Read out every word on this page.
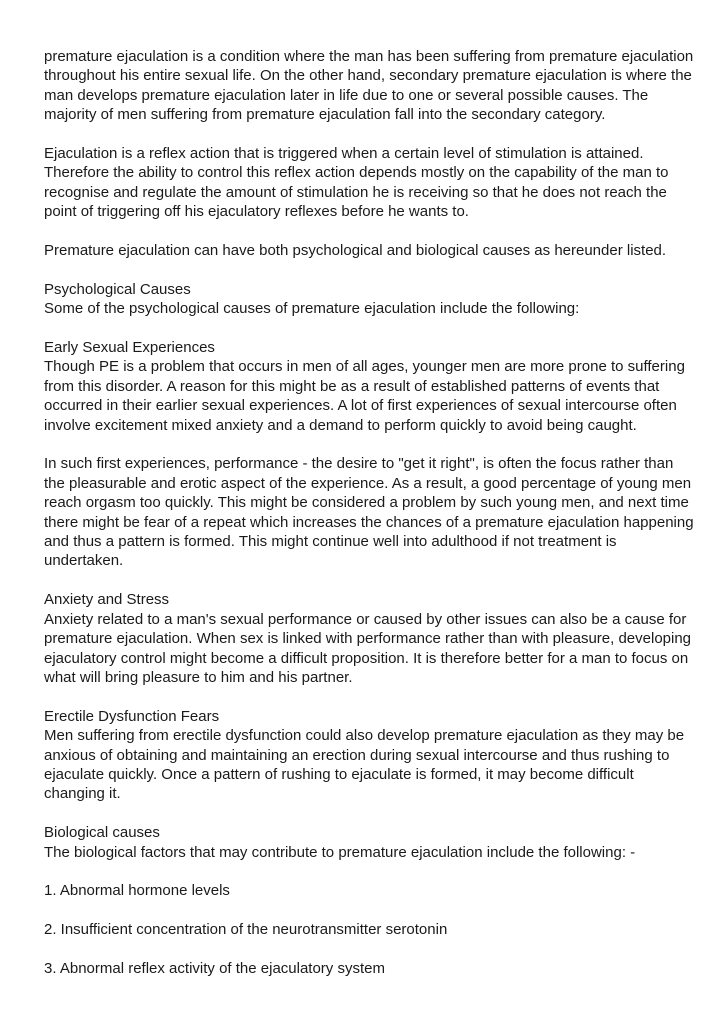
premature ejaculation is a condition where the man has been suffering from premature ejaculation
throughout his entire sexual life. On the other hand, secondary premature ejaculation is where the
man develops premature ejaculation later in life due to one or several possible causes. The
majority of men suffering from premature ejaculation fall into the secondary category.
Ejaculation is a reflex action that is triggered when a certain level of stimulation is attained.
Therefore the ability to control this reflex action depends mostly on the capability of the man to
recognise and regulate the amount of stimulation he is receiving so that he does not reach the
point of triggering off his ejaculatory reflexes before he wants to.
Premature ejaculation can have both psychological and biological causes as hereunder listed.
Psychological Causes
Some of the psychological causes of premature ejaculation include the following:
Early Sexual Experiences
Though PE is a problem that occurs in men of all ages, younger men are more prone to suffering
from this disorder. A reason for this might be as a result of established patterns of events that
occurred in their earlier sexual experiences. A lot of first experiences of sexual intercourse often
involve excitement mixed anxiety and a demand to perform quickly to avoid being caught.
In such first experiences, performance - the desire to "get it right", is often the focus rather than
the pleasurable and erotic aspect of the experience. As a result, a good percentage of young men
reach orgasm too quickly. This might be considered a problem by such young men, and next time
there might be fear of a repeat which increases the chances of a premature ejaculation happening
and thus a pattern is formed. This might continue well into adulthood if not treatment is
undertaken.
Anxiety and Stress
Anxiety related to a man's sexual performance or caused by other issues can also be a cause for
premature ejaculation. When sex is linked with performance rather than with pleasure, developing
ejaculatory control might become a difficult proposition. It is therefore better for a man to focus on
what will bring pleasure to him and his partner.
Erectile Dysfunction Fears
Men suffering from erectile dysfunction could also develop premature ejaculation as they may be
anxious of obtaining and maintaining an erection during sexual intercourse and thus rushing to
ejaculate quickly. Once a pattern of rushing to ejaculate is formed, it may become difficult
changing it.
Biological causes
The biological factors that may contribute to premature ejaculation include the following: -
1. Abnormal hormone levels
2. Insufficient concentration of the neurotransmitter serotonin
3. Abnormal reflex activity of the ejaculatory system
